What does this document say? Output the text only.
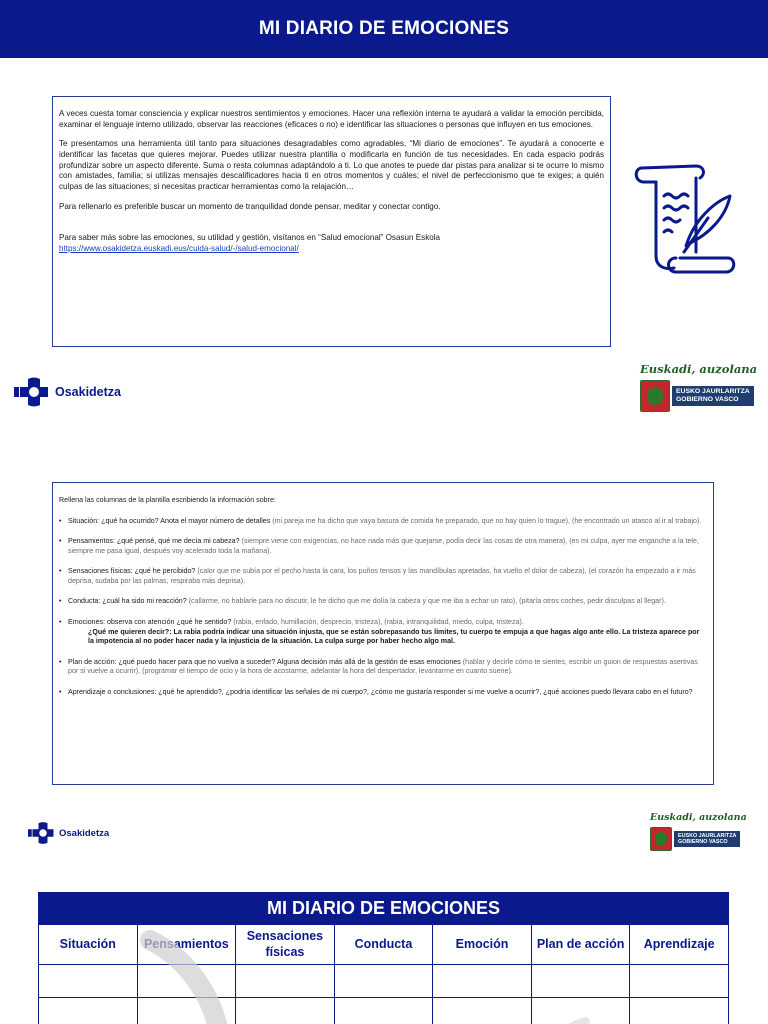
MI DIARIO DE EMOCIONES

A veces cuesta tomar consciencia y explicar nuestros sentimientos y emociones. Hacer una reflexión interna te ayudará a validar la emoción percibida, examinar el lenguaje interno utilizado, observar las reacciones (eficaces o no) e identificar las situaciones o personas que influyen en tus emociones.

Te presentamos una herramienta útil tanto para situaciones desagradables como agradables, “Mi diario de emociones”. Te ayudará a conocerte e identificar las facetas que quieres mejorar. Puedes utilizar nuestra plantilla o modificarla en función de tus necesidades. En cada espacio podrás profundizar sobre un aspecto diferente. Suma o resta columnas adaptándolo a ti. Lo que anotes te puede dar pistas para analizar si te ocurre lo mismo con amistades, familia; si utilizas mensajes descalificadores hacia ti en otros momentos y cuáles; el nivel de perfeccionismo que te exiges; a quién culpas de las situaciones; si necesitas practicar herramientas como la relajación…

Para rellenarlo es preferible buscar un momento de tranquilidad donde pensar, meditar y conectar contigo.

Para saber más sobre las emociones, su utilidad y gestión, visítanos en “Salud emocional” Osasun Eskola
https://www.osakidetza.euskadi.eus/cuida-salud/-/salud-emocional/

Osakidetza
Euskadi, auzolana
EUSKO JAURLARITZA
GOBIERNO VASCO
Rellena las columnas de la plantilla escribiendo la información sobre:
• Situación: ¿qué ha ocurrido? Anota el mayor número de detalles (mi pareja me ha dicho que vaya basura de comida he preparado, que no hay quien lo trague), (he encontrado un atasco al ir al trabajo).
• Pensamientos: ¿qué pensé, qué me decía mi cabeza? (siempre viene con exigencias, no hace nada más que quejarse, podía decir las cosas de otra manera), (es mi culpa, ayer me enganche a la tele, siempre me pasa igual, después voy acelerado toda la mañana).
• Sensaciones físicas: ¿qué he percibido? (calor que me subía por el pecho hasta la cara, los puños tensos y las mandíbulas apretadas, ha vuelto el dolor de cabeza), (el corazón ha empezado a ir más deprisa, sudaba por las palmas, respiraba más deprisa).
• Conducta: ¿cuál ha sido mi reacción? (callarme, no hablarle para no discutir, le he dicho que me dolía la cabeza y que me iba a echar un rato), (pitaría otros coches, pedir disculpas al llegar).
• Emociones: observa con atención ¿qué he sentido? (rabia, enfado, humillación, desprecio, tristeza), (rabia, intranquilidad, miedo, culpa, tristeza).
¿Qué me quieren decir?: La rabia podría indicar una situación injusta, que se están sobrepasando tus límites, tu cuerpo te empuja a que hagas algo ante ello. La tristeza aparece por la impotencia al no poder hacer nada y la injusticia de la situación. La culpa surge por haber hecho algo mal.
• Plan de acción: ¿qué puedo hacer para que no vuelva a suceder? Alguna decisión más allá de la gestión de esas emociones (hablar y decirle cómo te sientes, escribir un guion de respuestas asertivas por si vuelve a ocurrir), (programar el tiempo de ocio y la hora de acostarme, adelantar la hora del despertador, levantarme en cuanto suene).
• Aprendizaje o conclusiones: ¿qué he aprendido?, ¿podría identificar las señales de mi cuerpo?, ¿cómo me gustaría responder si me vuelve a ocurrir?, ¿qué acciones puedo llevara cabo en el futuro?
Osakidetza
Euskadi, auzolana
EUSKO JAURLARITZA
GOBIERNO VASCO
MI DIARIO DE EMOCIONES
Situación	Pensamientos	Sensaciones físicas	Conducta	Emoción	Plan de acción	Aprendizaje
